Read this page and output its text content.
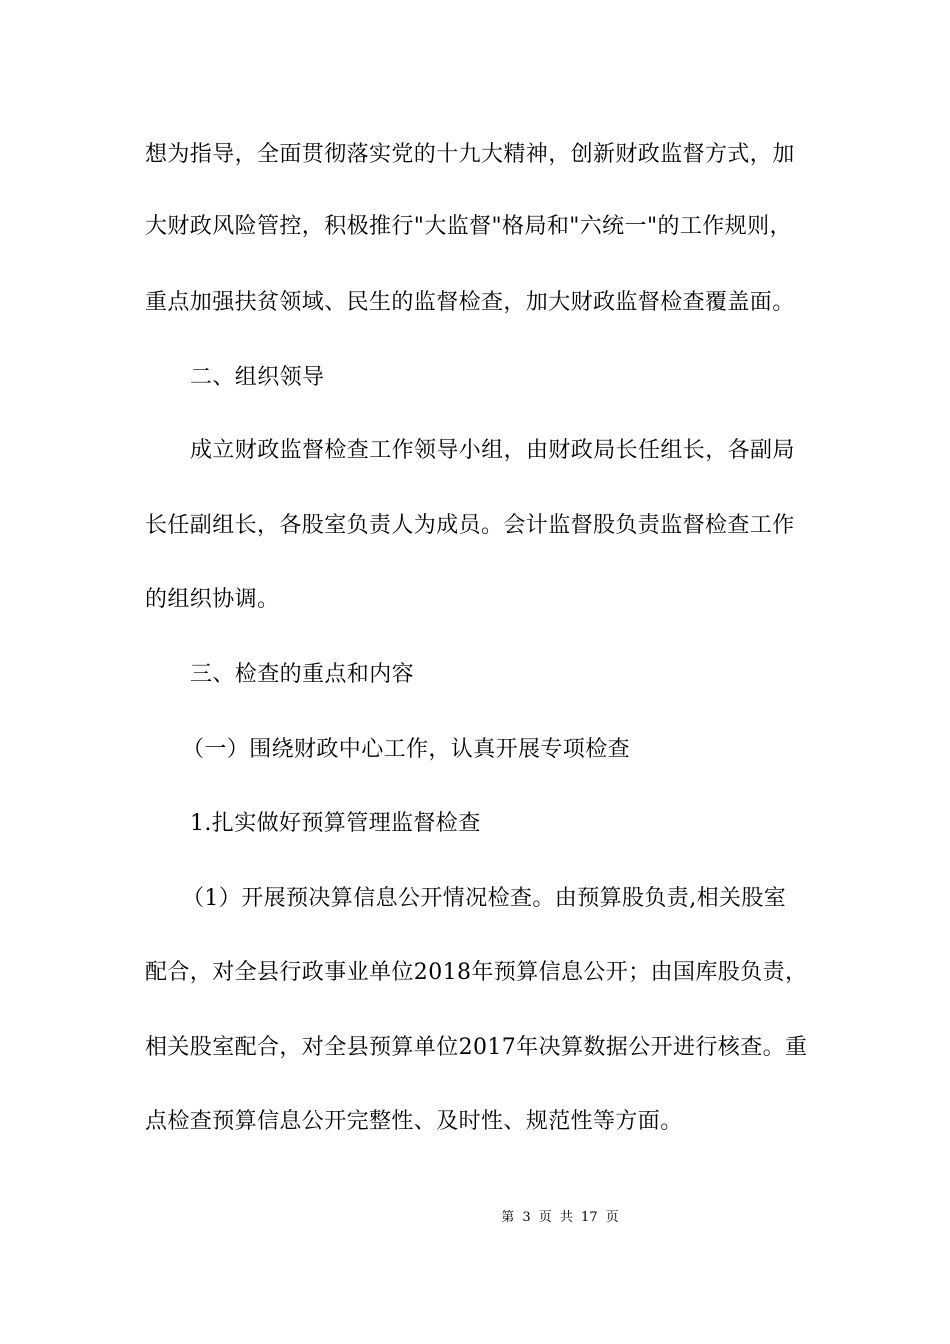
想为指导，全面贯彻落实党的十九大精神，创新财政监督方式，加
大财政风险管控，积极推行"大监督"格局和"六统一"的工作规则，
重点加强扶贫领域、民生的监督检查，加大财政监督检查覆盖面。
二、组织领导
成立财政监督检查工作领导小组，由财政局长任组长，各副局
长任副组长，各股室负责人为成员。会计监督股负责监督检查工作
的组织协调。
三、检查的重点和内容
（一）围绕财政中心工作，认真开展专项检查
1.扎实做好预算管理监督检查
（1）开展预决算信息公开情况检查。由预算股负责,相关股室
配合，对全县行政事业单位2018年预算信息公开；由国库股负责，
相关股室配合，对全县预算单位2017年决算数据公开进行核查。重
点检查预算信息公开完整性、及时性、规范性等方面。
第 3 页 共 17 页
